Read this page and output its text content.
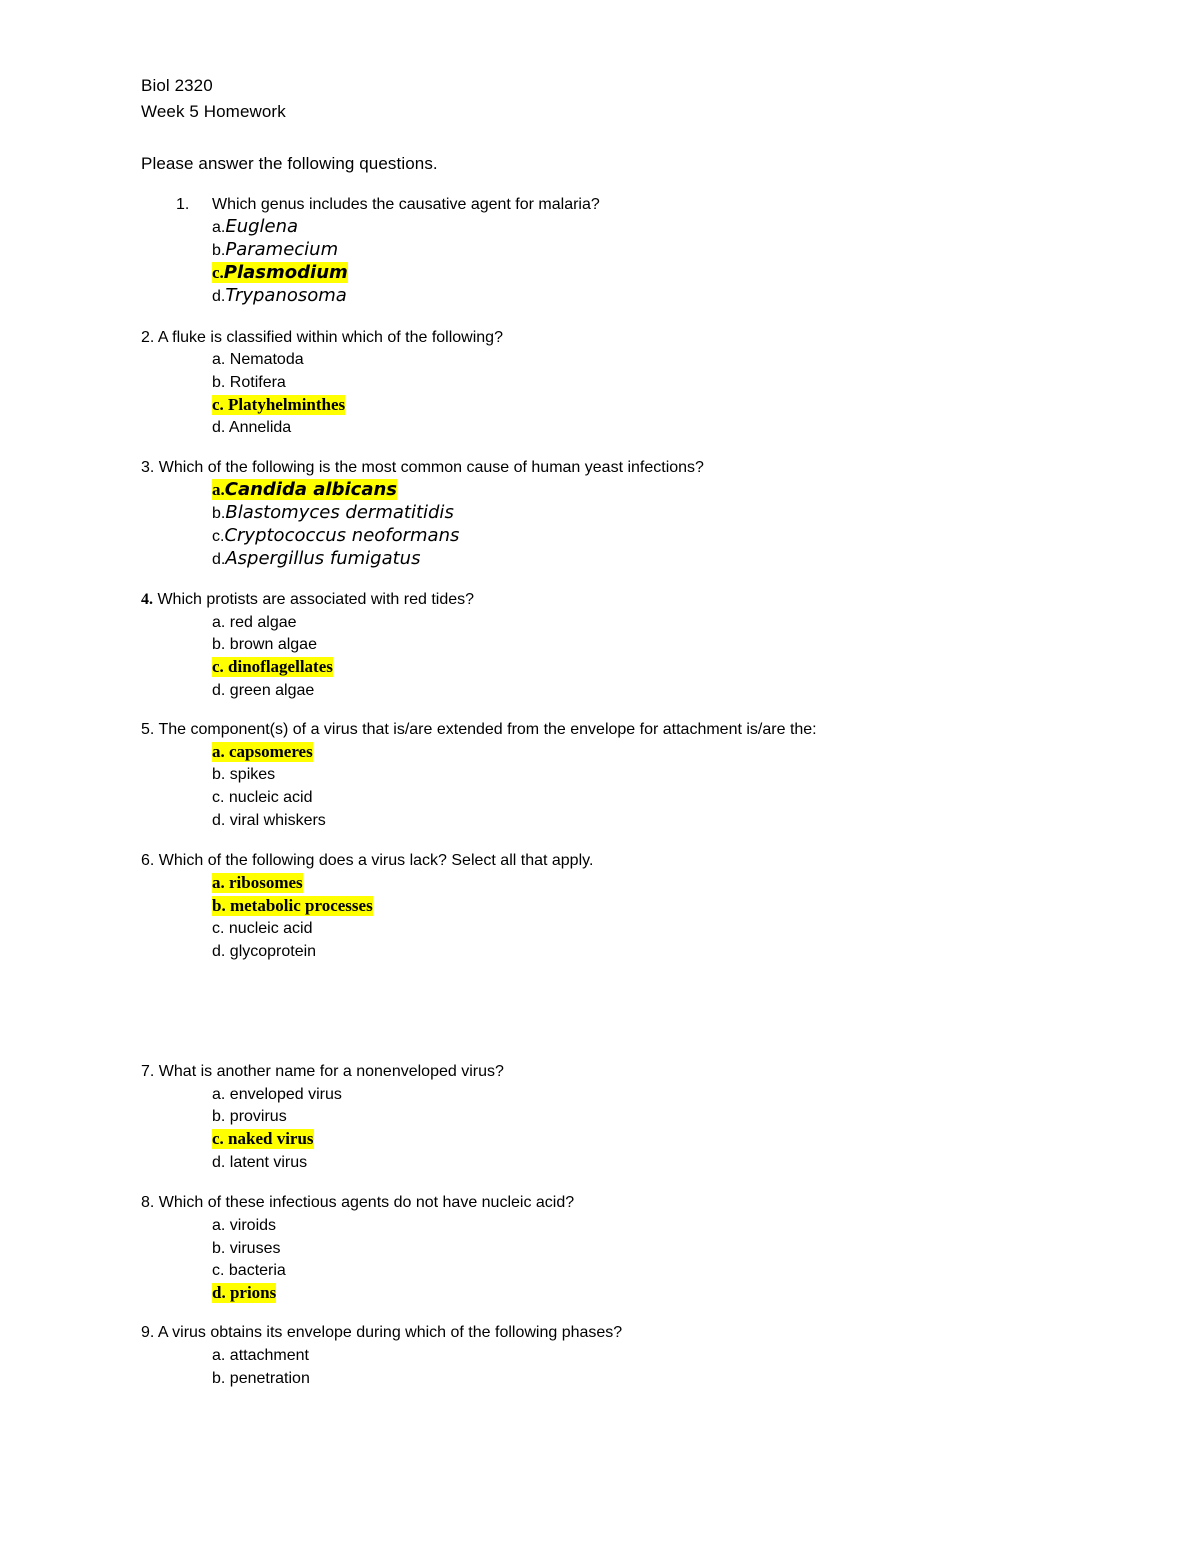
Biol 2320
Week 5 Homework
Please answer the following questions.
1. Which genus includes the causative agent for malaria?
a.Euglena
b.Paramecium
c.Plasmodium
d.Trypanosoma
2. A fluke is classified within which of the following?
a. Nematoda
b. Rotifera
c. Platyhelminthes
d. Annelida
3. Which of the following is the most common cause of human yeast infections?
a.Candida albicans
b.Blastomyces dermatitidis
c.Cryptococcus neoformans
d.Aspergillus fumigatus
4. Which protists are associated with red tides?
a. red algae
b. brown algae
c. dinoflagellates
d. green algae
5. The component(s) of a virus that is/are extended from the envelope for attachment is/are the:
a. capsomeres
b. spikes
c. nucleic acid
d. viral whiskers
6. Which of the following does a virus lack? Select all that apply.
a. ribosomes
b. metabolic processes
c. nucleic acid
d. glycoprotein
7. What is another name for a nonenveloped virus?
a. enveloped virus
b. provirus
c. naked virus
d. latent virus
8. Which of these infectious agents do not have nucleic acid?
a. viroids
b. viruses
c. bacteria
d. prions
9. A virus obtains its envelope during which of the following phases?
a. attachment
b. penetration
